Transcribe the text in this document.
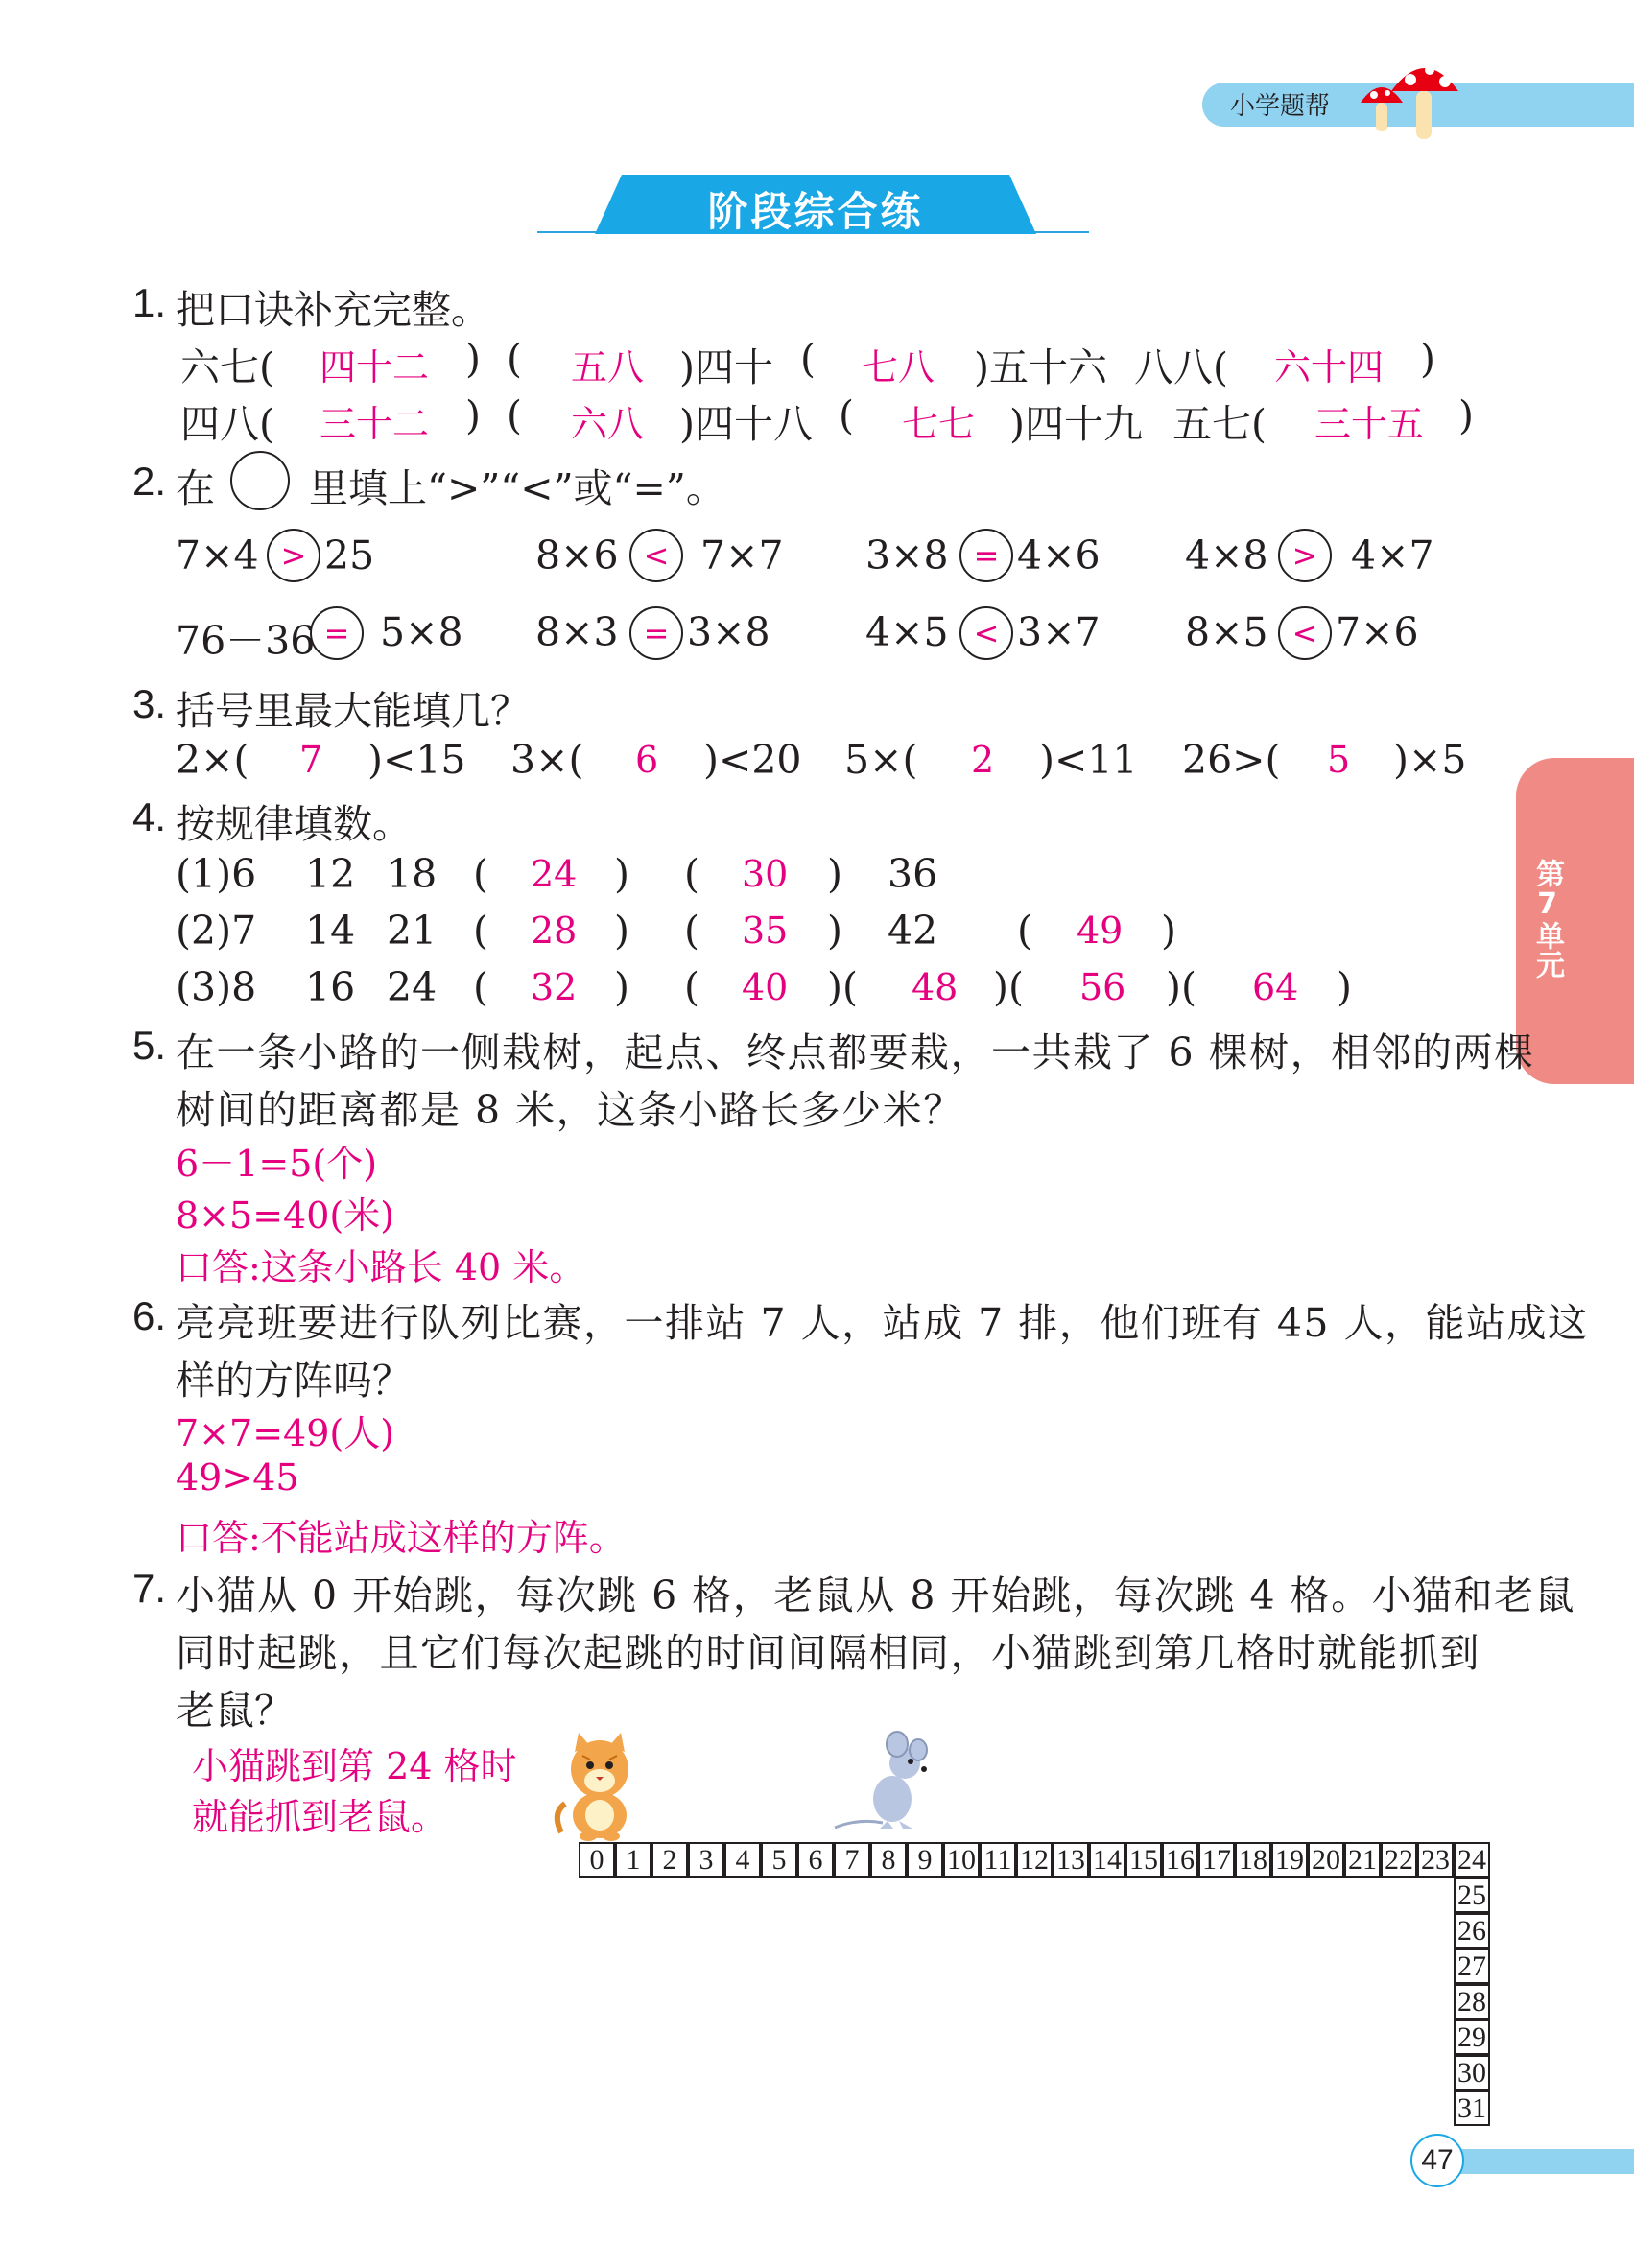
小学题帮
阶段综合练
第7单元
1. 把口诀补充完整。
六七( 四十二 ) ( 五八 )四十 ( 七八 )五十六 八八( 六十四 )
四八( 三十二 ) ( 六八 )四十八 ( 七七 )四十九 五七( 三十五 )
2. 在 里填上“>”“<”或“=”。
7×4 > 25	8×6 < 7×7 3×8 = 4×6 4×8 > 4×7
76－36 = 5×8 8×3 = 3×8 4×5 < 3×7 8×5 < 7×6
3. 括号里最大能填几？
2×( 7 )<15 3×( 6 )<20 5×( 2 )<11 26>( 5 )×5
4. 按规律填数。
(1)6 12 18 ( 24 ) ( 30 ) 36
(2)7 14 21 ( 28 ) ( 35 ) 42 ( 49 )
(3)8 16 24 ( 32 ) ( 40 )( 48 )( 56 )( 64 )
5. 在一条小路的一侧栽树，起点、终点都要栽，一共栽了 6 棵树，相邻的两棵
树间的距离都是 8 米，这条小路长多少米？
6－1=5(个)
8×5=40(米)
口答:这条小路长 40 米。
6. 亮亮班要进行队列比赛，一排站 7 人，站成 7 排，他们班有 45 人，能站成这
样的方阵吗？
7×7=49(人)
49>45
口答:不能站成这样的方阵。
7. 小猫从 0 开始跳，每次跳 6 格，老鼠从 8 开始跳，每次跳 4 格。小猫和老鼠
同时起跳，且它们每次起跳的时间间隔相同，小猫跳到第几格时就能抓到
老鼠？
小猫跳到第 24 格时
就能抓到老鼠。
0 1 2 3 4 5 6 7 8 9 10 11 12 13 14 15 16 17 18 19 20 21 22 23 24
25
26
27
28
29
30
31
47
